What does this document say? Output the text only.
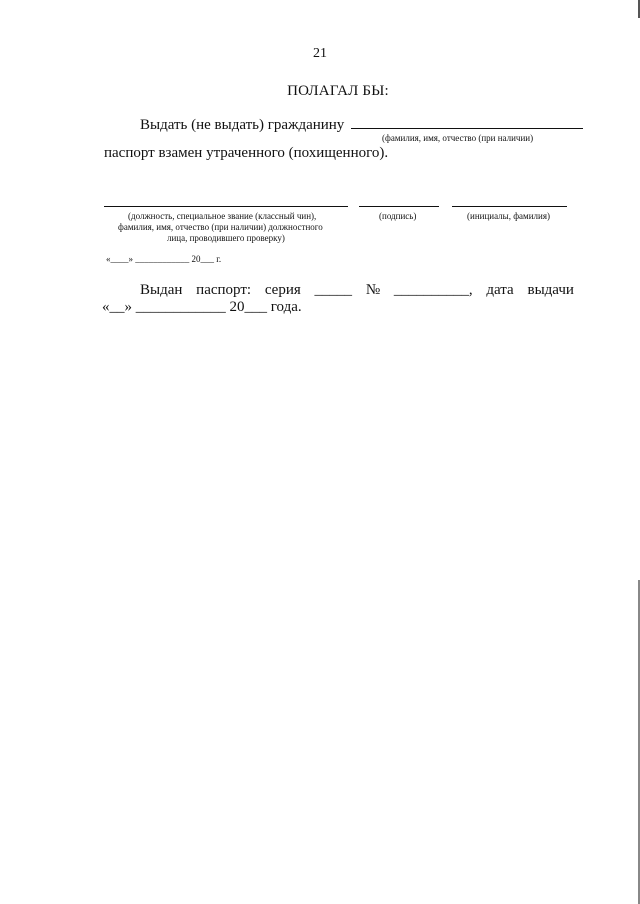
21
ПОЛАГАЛ БЫ:
Выдать (не выдать) гражданину
(фамилия, имя, отчество (при наличии)
паспорт взамен утраченного (похищенного).
(должность, специальное звание (классный чин),
фамилия, имя, отчество (при наличии) должностного
лица, проводившего проверку)
(подпись)	(инициалы, фамилия)
«____» ____________ 20___ г.
Выдан паспорт: серия _____ № __________, дата выдачи
«__» ____________ 20___ года.
